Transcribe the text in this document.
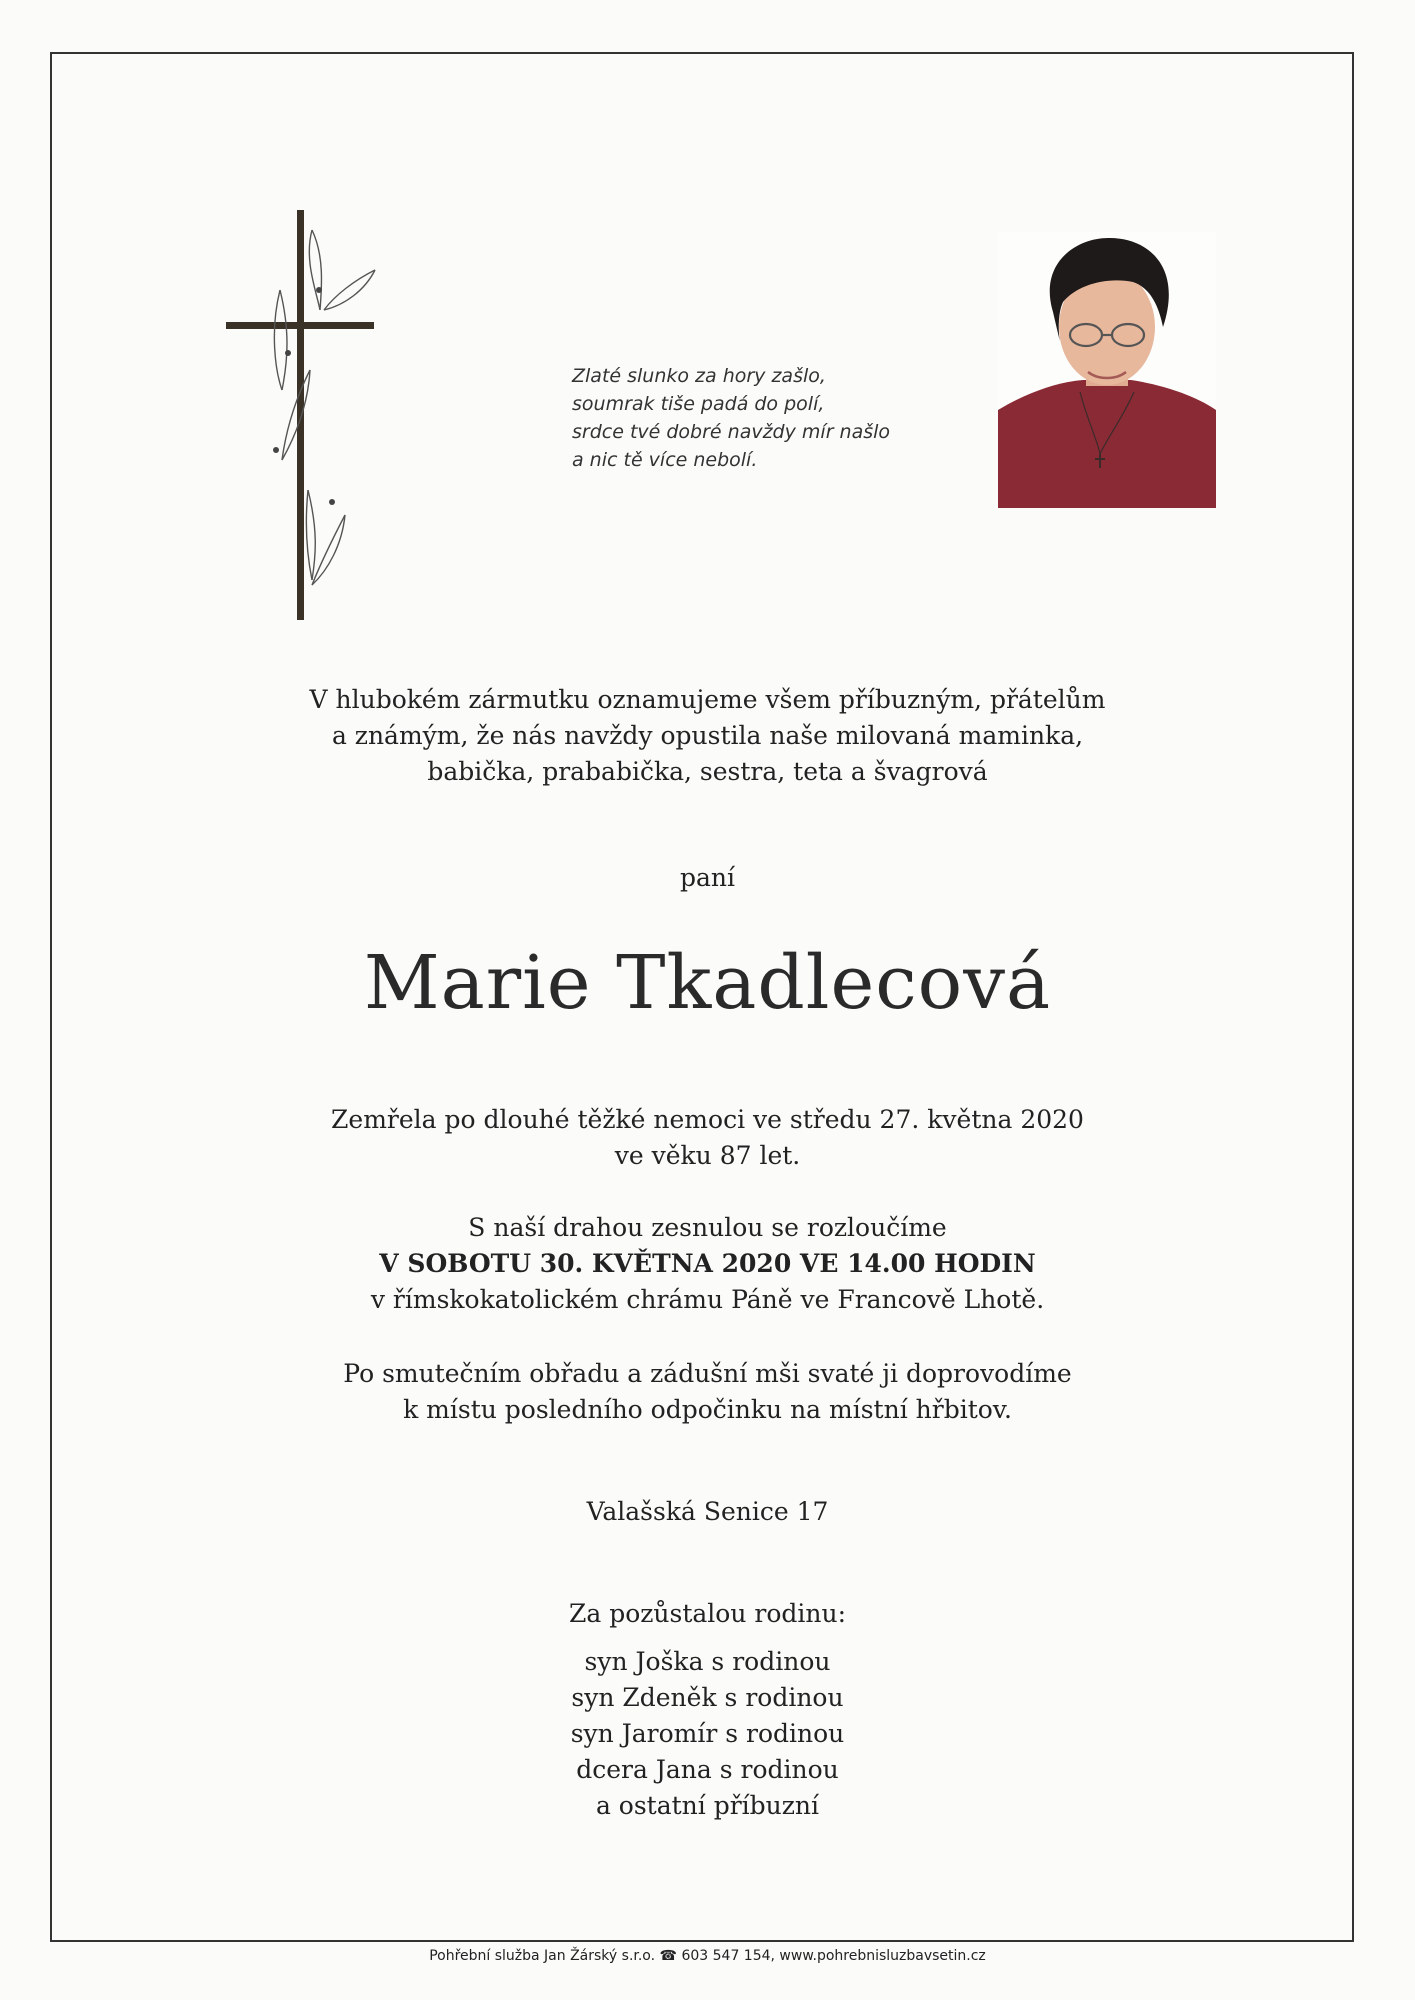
Zlaté slunko za hory zašlo,
soumrak tiše padá do polí,
srdce tvé dobré navždy mír našlo
a nic tě více nebolí.
V hlubokém zármutku oznamujeme všem příbuzným, přátelům
a známým, že nás navždy opustila naše milovaná maminka,
babička, prababička, sestra, teta a švagrová
paní
Marie Tkadlecová
Zemřela po dlouhé těžké nemoci ve středu 27. května 2020
ve věku 87 let.
S naší drahou zesnulou se rozloučíme
V SOBOTU 30. KVĚTNA 2020 VE 14.00 HODIN
v římskokatolickém chrámu Páně ve Francově Lhotě.
Po smutečním obřadu a zádušní mši svaté ji doprovodíme
k místu posledního odpočinku na místní hřbitov.
Valašská Senice 17
Za pozůstalou rodinu:
syn Joška s rodinou
syn Zdeněk s rodinou
syn Jaromír s rodinou
dcera Jana s rodinou
a ostatní příbuzní
Pohřební služba Jan Žárský s.r.o. ☎ 603 547 154, www.pohrebnisluzbavsetin.cz
